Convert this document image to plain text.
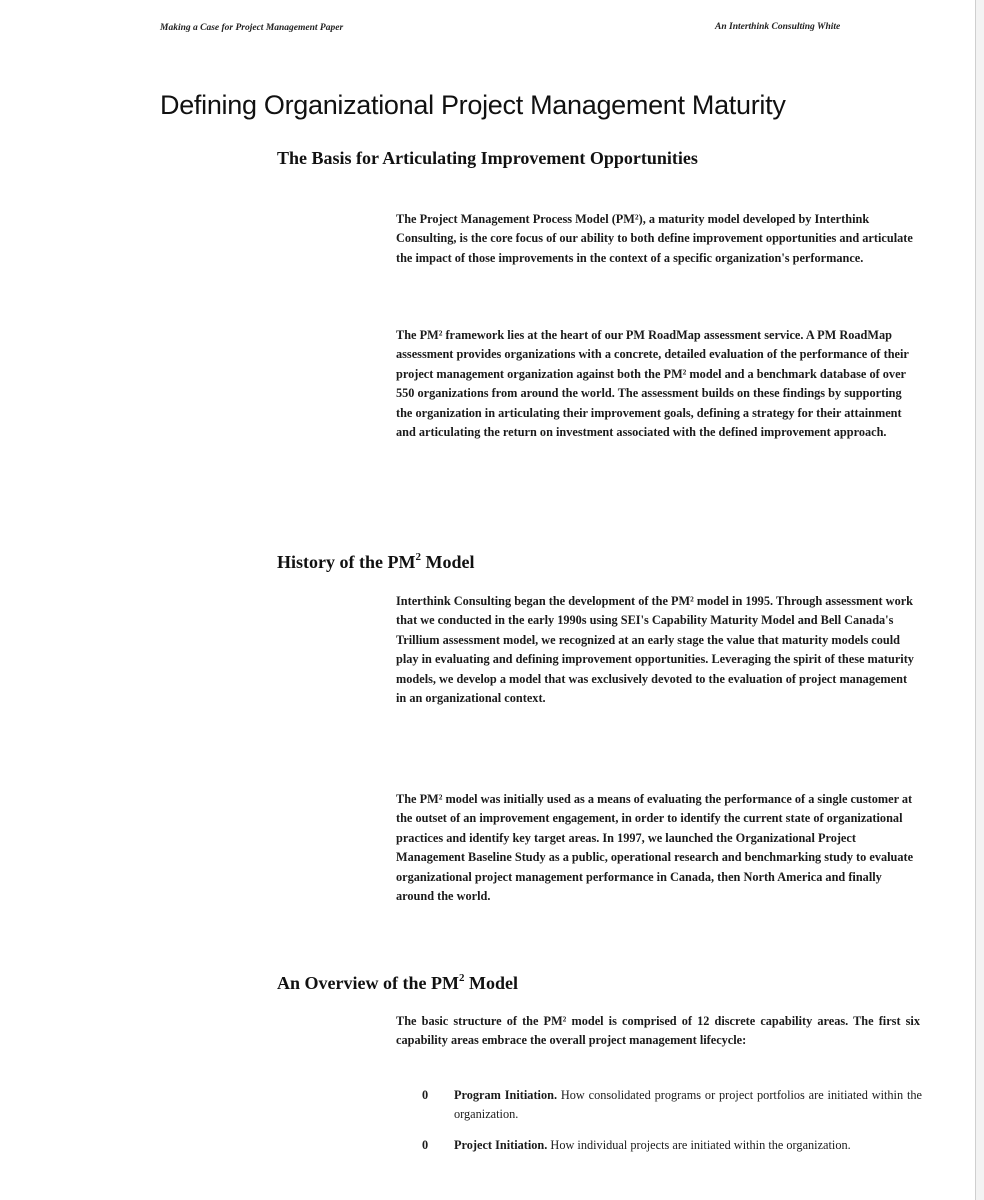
Making a Case for Project Management Paper	An Interthink Consulting White
Defining Organizational Project Management Maturity
The Basis for Articulating Improvement Opportunities

The Project Management Process Model (PM²), a maturity model developed by Interthink Consulting, is the core focus of our ability to both define improvement opportunities and articulate the impact of those improvements in the context of a specific organization's performance.

The PM² framework lies at the heart of our PM RoadMap assessment service. A PM RoadMap assessment provides organizations with a concrete, detailed evaluation of the performance of their project management organization against both the PM² model and a benchmark database of over 550 organizations from around the world. The assessment builds on these findings by supporting the organization in articulating their improvement goals, defining a strategy for their attainment and articulating the return on investment associated with the defined improvement approach.

History of the $PM^2$ Model

Interthink Consulting began the development of the PM² model in 1995. Through assessment work that we conducted in the early 1990s using SEI's Capability Maturity Model and Bell Canada's Trillium assessment model, we recognized at an early stage the value that maturity models could play in evaluating and defining improvement opportunities. Leveraging the spirit of these maturity models, we develop a model that was exclusively devoted to the evaluation of project management in an organizational context.

The PM² model was initially used as a means of evaluating the performance of a single customer at the outset of an improvement engagement, in order to identify the current state of organizational practices and identify key target areas. In 1997, we launched the Organizational Project Management Baseline Study as a public, operational research and benchmarking study to evaluate organizational project management performance in Canada, then North America and finally around the world.

An Overview of the $PM^2$ Model

The basic structure of the PM² model is comprised of 12 discrete capability areas. The first six capability areas embrace the overall project management lifecycle:

0	Program Initiation. How consolidated programs or project portfolios are initiated within the organization.
0	Project Initiation. How individual projects are initiated within the organization.
